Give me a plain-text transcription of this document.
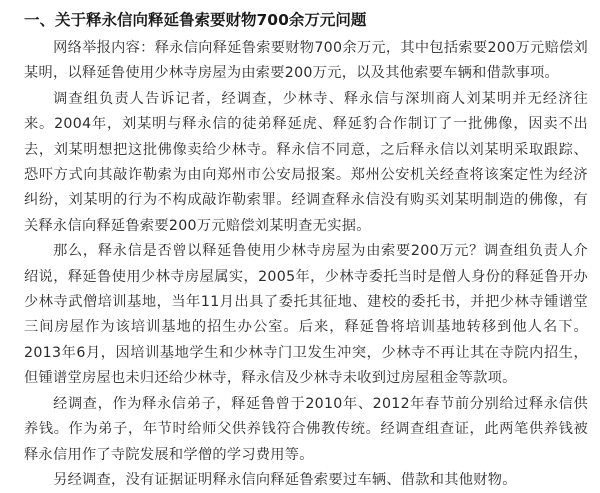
一、关于释永信向释延鲁索要财物700余万元问题

网络举报内容：释永信向释延鲁索要财物700余万元，其中包括索要200万元赔偿刘某明，以释延鲁使用少林寺房屋为由索要200万元，以及其他索要车辆和借款事项。

调查组负责人告诉记者，经调查，少林寺、释永信与深圳商人刘某明并无经济往来。2004年，刘某明与释永信的徒弟释延虎、释延豹合作制订了一批佛像，因卖不出去，刘某明想把这批佛像卖给少林寺。释永信不同意，之后释永信以刘某明采取跟踪、恐吓方式向其敲诈勒索为由向郑州市公安局报案。郑州公安机关经查将该案定性为经济纠纷，刘某明的行为不构成敲诈勒索罪。经调查释永信没有购买刘某明制造的佛像，有关释永信向释延鲁索要200万元赔偿刘某明查无实据。

那么，释永信是否曾以释延鲁使用少林寺房屋为由索要200万元？调查组负责人介绍说，释延鲁使用少林寺房屋属实，2005年，少林寺委托当时是僧人身份的释延鲁开办少林寺武僧培训基地，当年11月出具了委托其征地、建校的委托书，并把少林寺锺谱堂三间房屋作为该培训基地的招生办公室。后来，释延鲁将培训基地转移到他人名下。2013年6月，因培训基地学生和少林寺门卫发生冲突，少林寺不再让其在寺院内招生，但锺谱堂房屋也未归还给少林寺，释永信及少林寺未收到过房屋租金等款项。

经调查，作为释永信弟子，释延鲁曾于2010年、2012年春节前分别给过释永信供养钱。作为弟子，年节时给师父供养钱符合佛教传统。经调查组查证，此两笔供养钱被释永信用作了寺院发展和学僧的学习费用等。

另经调查，没有证据证明释永信向释延鲁索要过车辆、借款和其他财物。
